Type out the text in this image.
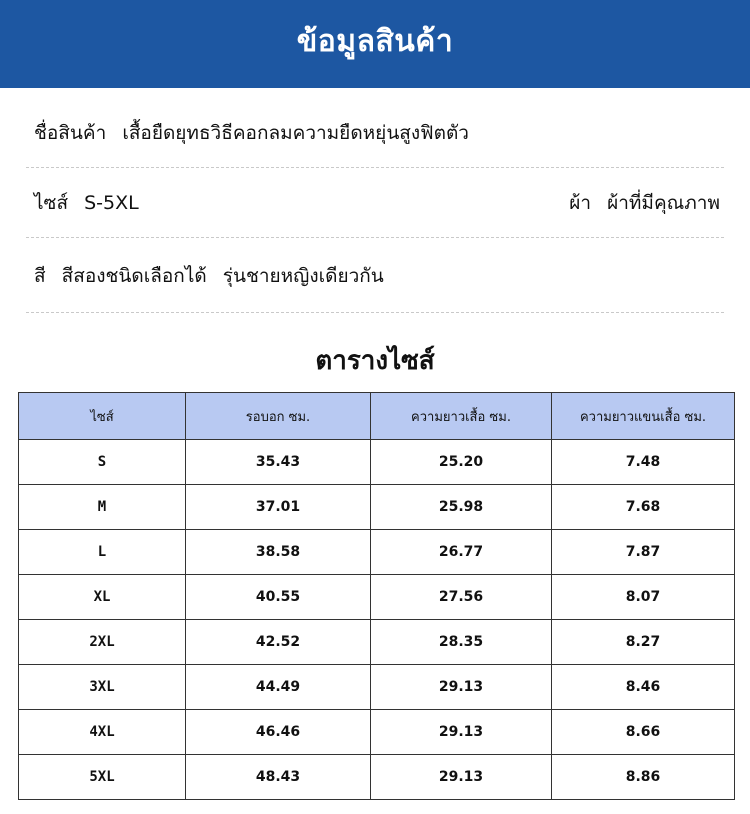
ข้อมูลสินค้า
ชื่อสินค้า เสื้อยืดยุทธวิธีคอกลมความยืดหยุ่นสูงฟิตตัว
ไซส์ S-5XL	ผ้า ผ้าที่มีคุณภาพ
สี สีสองชนิดเลือกได้ รุ่นชายหญิงเดียวกัน
ตารางไซส์
ไซส์	รอบอก ซม.	ความยาวเสื้อ ซม.	ความยาวแขนเสื้อ ซม.
S	35.43	25.20	7.48
M	37.01	25.98	7.68
L	38.58	26.77	7.87
XL	40.55	27.56	8.07
2XL	42.52	28.35	8.27
3XL	44.49	29.13	8.46
4XL	46.46	29.13	8.66
5XL	48.43	29.13	8.86
